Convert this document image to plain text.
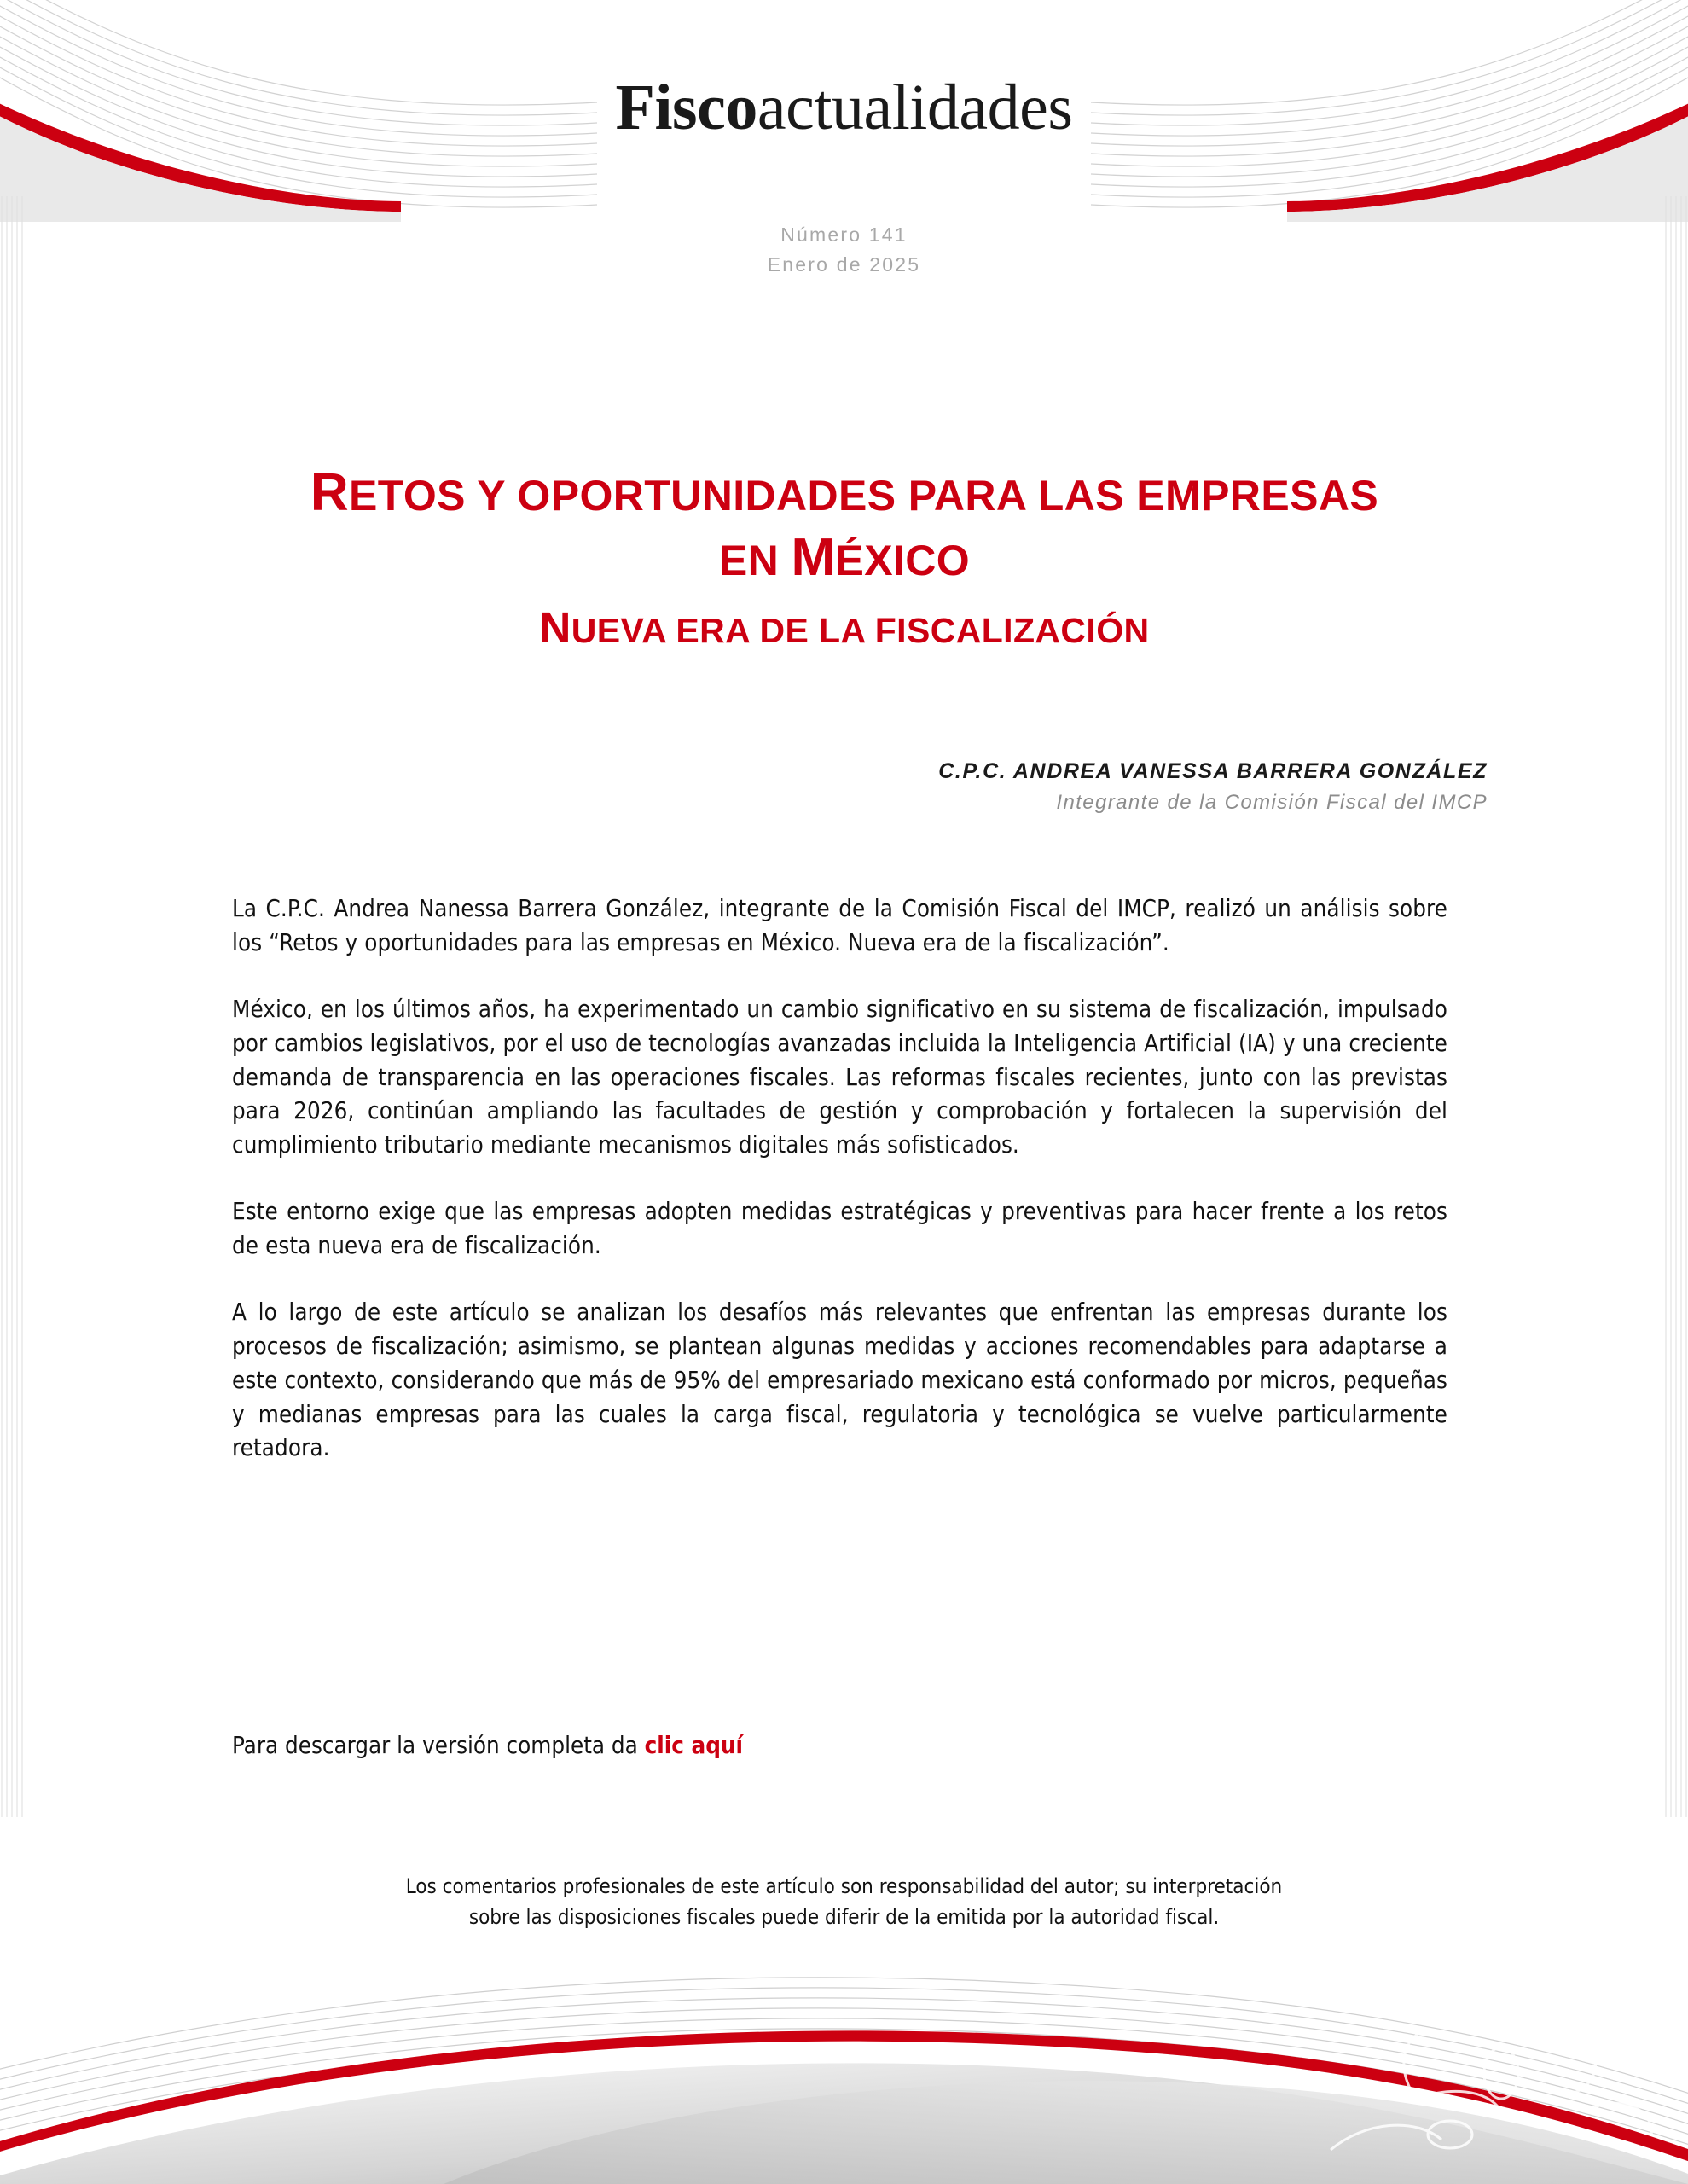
Fiscoactualidades
Número 141
Enero de 2025
RETOS Y OPORTUNIDADES PARA LAS EMPRESAS
EN MÉXICO
NUEVA ERA DE LA FISCALIZACIÓN
C.P.C. ANDREA VANESSA BARRERA GONZÁLEZ
Integrante de la Comisión Fiscal del IMCP

La C.P.C. Andrea Nanessa Barrera González, integrante de la Comisión Fiscal del IMCP, realizó un análisis sobre los “Retos y oportunidades para las empresas en México. Nueva era de la fiscalización”.

México, en los últimos años, ha experimentado un cambio significativo en su sistema de fiscalización, impulsado por cambios legislativos, por el uso de tecnologías avanzadas incluida la Inteligencia Artificial (IA) y una creciente demanda de transparencia en las operaciones fiscales. Las reformas fiscales recientes, junto con las previstas para 2026, continúan ampliando las facultades de gestión y comprobación y fortalecen la supervisión del cumplimiento tributario mediante mecanismos digitales más sofisticados.

Este entorno exige que las empresas adopten medidas estratégicas y preventivas para hacer frente a los retos de esta nueva era de fiscalización.

A lo largo de este artículo se analizan los desafíos más relevantes que enfrentan las empresas durante los procesos de fiscalización; asimismo, se plantean algunas medidas y acciones recomendables para adaptarse a este contexto, considerando que más de 95% del empresariado mexicano está conformado por micros, pequeñas y medianas empresas para las cuales la carga fiscal, regulatoria y tecnológica se vuelve particularmente retadora.

Para descargar la versión completa da clic aquí
Los comentarios profesionales de este artículo son responsabilidad del autor; su interpretación
sobre las disposiciones fiscales puede diferir de la emitida por la autoridad fiscal.
